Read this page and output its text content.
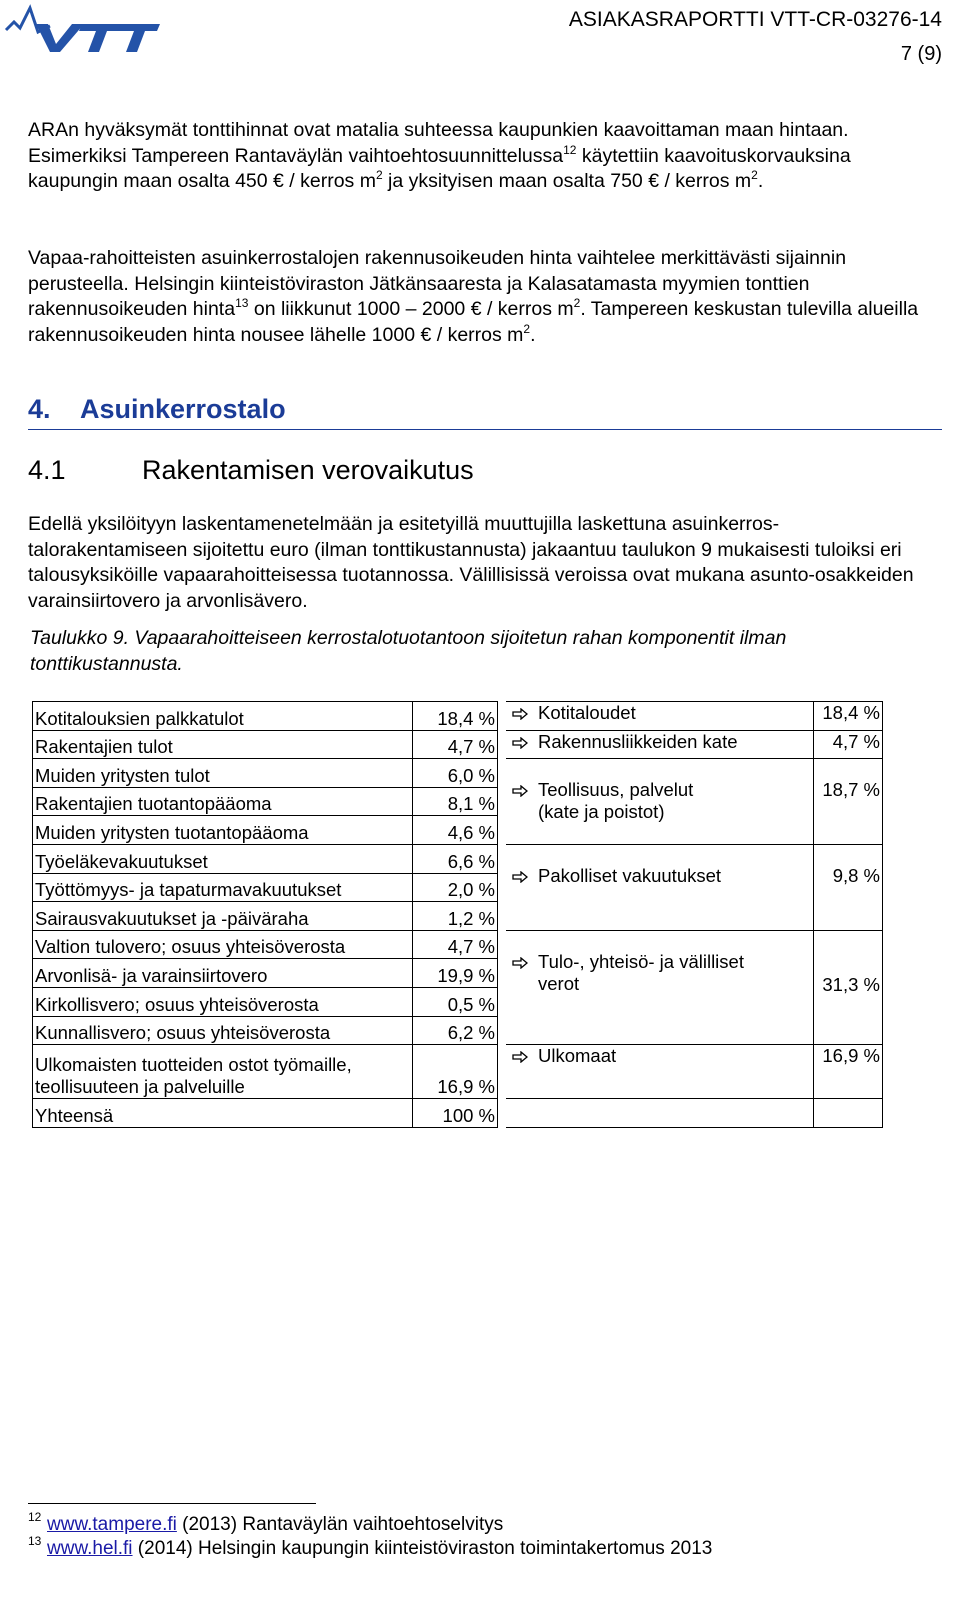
ASIAKASRAPORTTI VTT-CR-03276-14
7 (9)

ARAn hyväksymät tonttihinnat ovat matalia suhteessa kaupunkien kaavoittaman maan hintaan. Esimerkiksi Tampereen Rantaväylän vaihtoehtosuunnittelussa$^{12}$ käytettiin kaavoituskorvauksina kaupungin maan osalta 450 € / kerros $m^2$ ja yksityisen maan osalta 750 € / kerros $m^2$.

Vapaa-rahoitteisten asuinkerrostalojen rakennusoikeuden hinta vaihtelee merkittävästi sijainnin perusteella. Helsingin kiinteistöviraston Jätkänsaaresta ja Kalasatamasta myymien tonttien rakennusoikeuden hinta$^{13}$ on liikkunut 1000 – 2000 € / kerros $m^2$. Tampereen keskustan tulevilla alueilla rakennusoikeuden hinta nousee lähelle 1000 € / kerros $m^2$.

4. Asuinkerrostalo
4.1	Rakentamisen verovaikutus

Edellä yksilöityyn laskentamenetelmään ja esitetyillä muuttujilla laskettuna asuinkerros-talorakentamiseen sijoitettu euro (ilman tonttikustannusta) jakaantuu taulukon 9 mukaisesti tuloiksi eri talousyksiköille vapaarahoitteisessa tuotannossa. Välillisissä veroissa ovat mukana asunto-osakkeiden varainsiirtovero ja arvonlisävero.

Taulukko 9. Vapaarahoitteiseen kerrostalotuotantoon sijoitetun rahan komponentit ilman tonttikustannusta.
Kotitalouksien palkkatulot	18,4 %
Rakentajien tulot	4,7 %
Muiden yritysten tulot	6,0 %
Rakentajien tuotantopääoma	8,1 %
Muiden yritysten tuotantopääoma	4,6 %
Työeläkevakuutukset	6,6 %
Työttömyys- ja tapaturmavakuutukset	2,0 %
Sairausvakuutukset ja -päiväraha	1,2 %
Valtion tulovero; osuus yhteisöverosta	4,7 %
Arvonlisä- ja varainsiirtovero	19,9 %
Kirkollisvero; osuus yhteisöverosta	0,5 %
Kunnallisvero; osuus yhteisöverosta	6,2 %
Ulkomaisten tuotteiden ostot työmaille,
teollisuuteen ja palveluille	16,9 %
Yhteensä	100 %
Kotitaloudet	18,4 %
Rakennusliikkeiden kate	4,7 %
Teollisuus, palvelut
(kate ja poistot)	18,7 %
Pakolliset vakuutukset	9,8 %
Tulo-, yhteisö- ja välilliset
verot	31,3 %
Ulkomaat	16,9 %

$^{12}$ www.tampere.fi (2013) Rantaväylän vaihtoehtoselvitys
$^{13}$ www.hel.fi (2014) Helsingin kaupungin kiinteistöviraston toimintakertomus 2013
